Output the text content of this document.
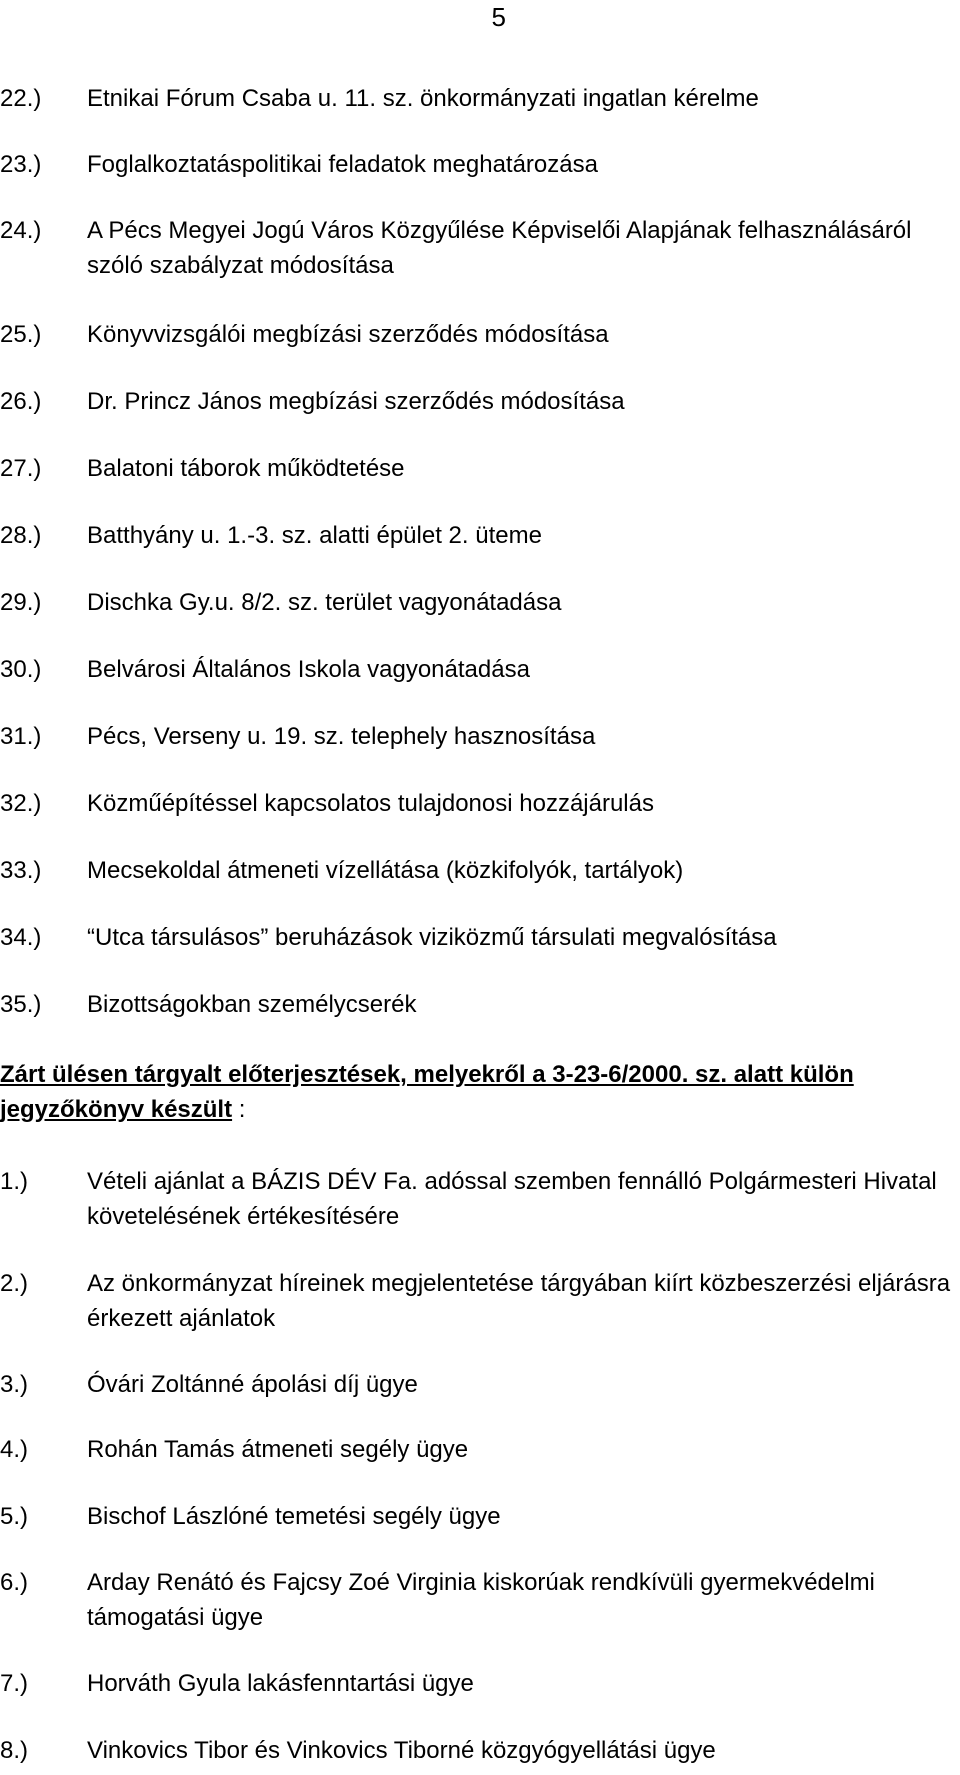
5
22.)	Etnikai Fórum Csaba u. 11. sz. önkormányzati ingatlan kérelme
23.)	Foglalkoztatáspolitikai feladatok meghatározása
24.)	A Pécs Megyei Jogú Város Közgyűlése Képviselői Alapjának felhasználásáról szóló szabályzat módosítása
25.)	Könyvvizsgálói megbízási szerződés módosítása
26.)	Dr. Princz János megbízási szerződés módosítása
27.)	Balatoni táborok működtetése
28.)	Batthyány u. 1.-3. sz. alatti épület 2. üteme
29.)	Dischka Gy.u. 8/2. sz. terület vagyonátadása
30.)	Belvárosi Általános Iskola vagyonátadása
31.)	Pécs, Verseny u. 19. sz. telephely hasznosítása
32.)	Közműépítéssel kapcsolatos tulajdonosi hozzájárulás
33.)	Mecsekoldal átmeneti vízellátása (közkifolyók, tartályok)
34.)	“Utca társulásos” beruházások viziközmű társulati megvalósítása
35.)	Bizottságokban személycserék
Zárt ülésen tárgyalt előterjesztések, melyekről a 3-23-6/2000. sz. alatt külön jegyzőkönyv készült :
1.)	Vételi ajánlat a BÁZIS DÉV Fa. adóssal szemben fennálló Polgármesteri Hivatal követelésének értékesítésére
2.)	Az önkormányzat híreinek megjelentetése tárgyában kiírt közbeszerzési eljárásra érkezett ajánlatok
3.)	Óvári Zoltánné ápolási díj ügye
4.)	Rohán Tamás átmeneti segély ügye
5.)	Bischof Lászlóné temetési segély ügye
6.)	Arday Renátó és Fajcsy Zoé Virginia kiskorúak rendkívüli gyermekvédelmi támogatási ügye
7.)	Horváth Gyula lakásfenntartási ügye
8.)	Vinkovics Tibor és Vinkovics Tiborné közgyógyellátási ügye
